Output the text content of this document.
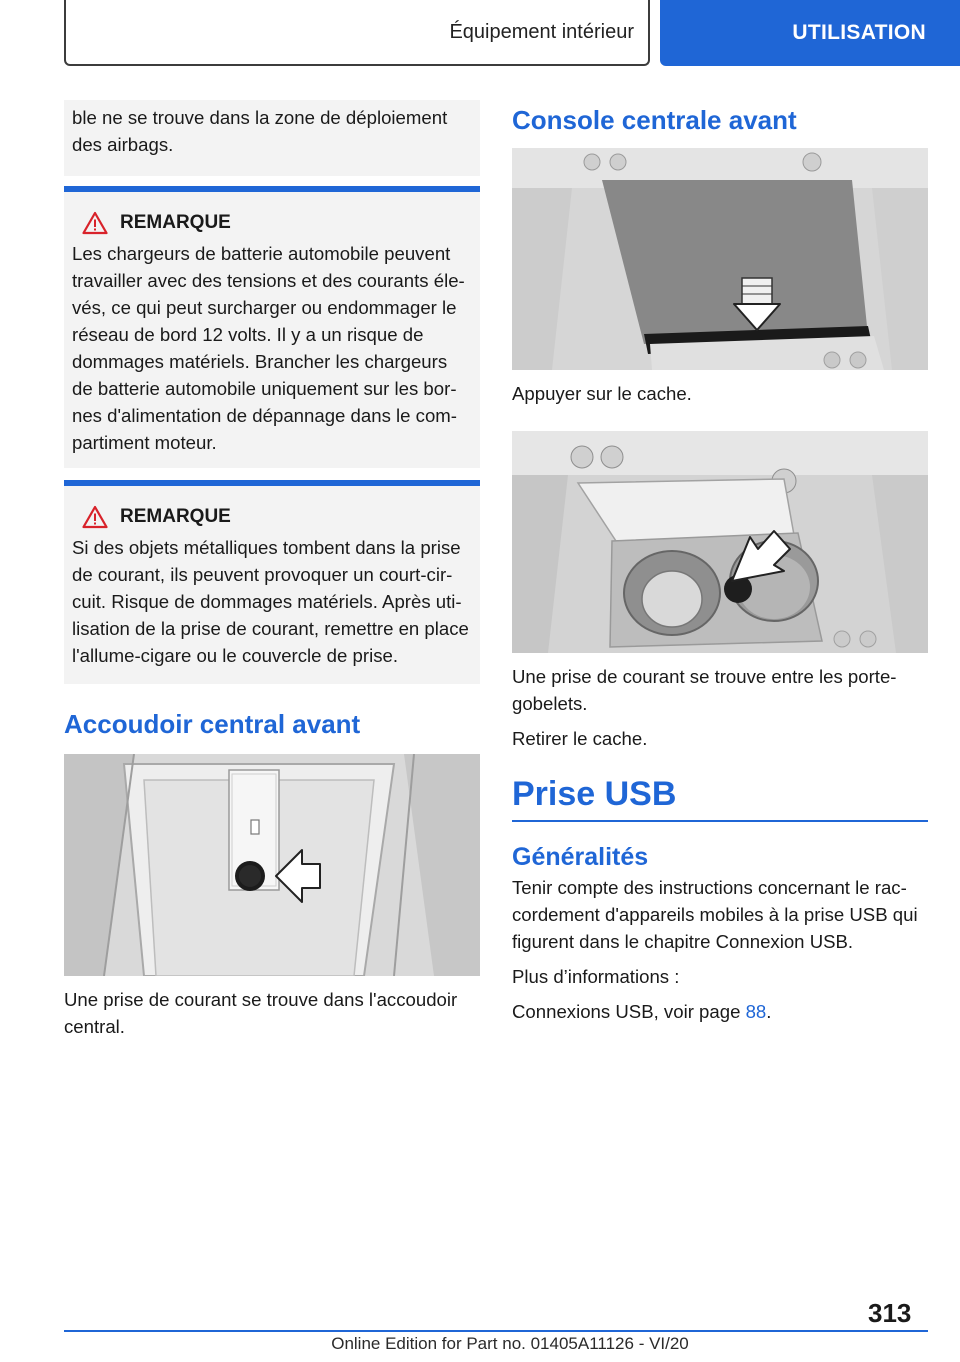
Équipement intérieur	UTILISATION

ble ne se trouve dans la zone de déploiement des airbags.

REMARQUE

Les chargeurs de batterie automobile peuvent travailler avec des tensions et des courants élevés, ce qui peut surcharger ou endommager le réseau de bord 12 volts. Il y a un risque de dommages matériels. Brancher les chargeurs de batterie automobile uniquement sur les bornes d'alimentation de dépannage dans le compartiment moteur.

REMARQUE

Si des objets métalliques tombent dans la prise de courant, ils peuvent provoquer un court-circuit. Risque de dommages matériels. Après utilisation de la prise de courant, remettre en place l'allume-cigare ou le couvercle de prise.

Accoudoir central avant

Une prise de courant se trouve dans l'accoudoir central.

Console centrale avant

Appuyer sur le cache.

Une prise de courant se trouve entre les porte-gobelets.

Retirer le cache.

Prise USB
Généralités

Tenir compte des instructions concernant le raccordement d'appareils mobiles à la prise USB qui figurent dans le chapitre Connexion USB.

Plus d’informations :

Connexions USB, voir page 88.

313
Online Edition for Part no. 01405A11126 - VI/20
